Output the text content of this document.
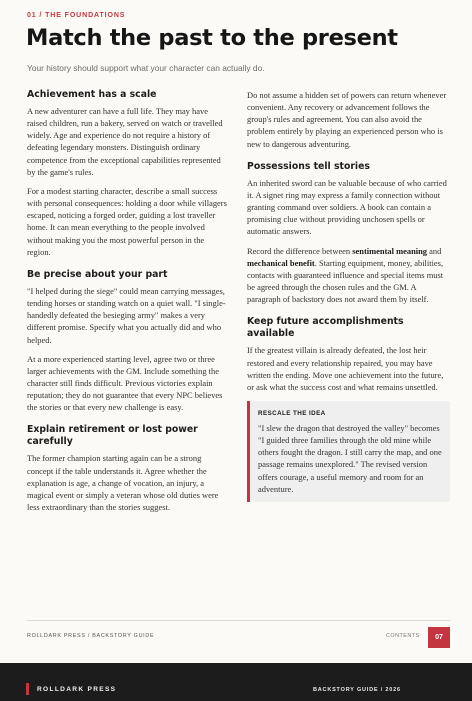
01 / THE FOUNDATIONS
Match the past to the present
Your history should support what your character can actually do.
Achievement has a scale

A new adventurer can have a full life. They may have raised children, run a bakery, served on watch or travelled widely. Age and experience do not require a history of defeating legendary monsters. Distinguish ordinary competence from the exceptional capabilities represented by the game's rules.

For a modest starting character, describe a small success with personal consequences: holding a door while villagers escaped, noticing a forged order, guiding a lost traveller home. It can mean everything to the people involved without making you the most powerful person in the region.

Be precise about your part

"I helped during the siege" could mean carrying messages, tending horses or standing watch on a quiet wall. "I single-handedly defeated the besieging army" makes a very different promise. Specify what you actually did and who helped.

At a more experienced starting level, agree two or three larger achievements with the GM. Include something the character still finds difficult. Previous victories explain reputation; they do not guarantee that every NPC believes the stories or that every new challenge is easy.

Explain retirement or lost power carefully

The former champion starting again can be a strong concept if the table understands it. Agree whether the explanation is age, a change of vocation, an injury, a magical event or simply a veteran whose old duties were less extraordinary than the stories suggest.

Do not assume a hidden set of powers can return whenever convenient. Any recovery or advancement follows the group's rules and agreement. You can also avoid the problem entirely by playing an experienced person who is new to dangerous adventuring.

Possessions tell stories

An inherited sword can be valuable because of who carried it. A signet ring may express a family connection without granting command over soldiers. A book can contain a promising clue without providing unchosen spells or automatic answers.

Record the difference between sentimental meaning and mechanical benefit. Starting equipment, money, abilities, contacts with guaranteed influence and special items must be agreed through the chosen rules and the GM. A paragraph of backstory does not award them by itself.

Keep future accomplishments available

If the greatest villain is already defeated, the lost heir restored and every relationship repaired, you may have written the ending. Move one achievement into the future, or ask what the success cost and what remains unsettled.

RESCALE THE IDEA

"I slew the dragon that destroyed the valley" becomes "I guided three families through the old mine while others fought the dragon. I still carry the map, and one passage remains unexplored." The revised version offers courage, a useful memory and room for an adventure.

ROLLDARK PRESS / BACKSTORY GUIDE	CONTENTS	07
ROLLDARK PRESS	BACKSTORY GUIDE / 2026
